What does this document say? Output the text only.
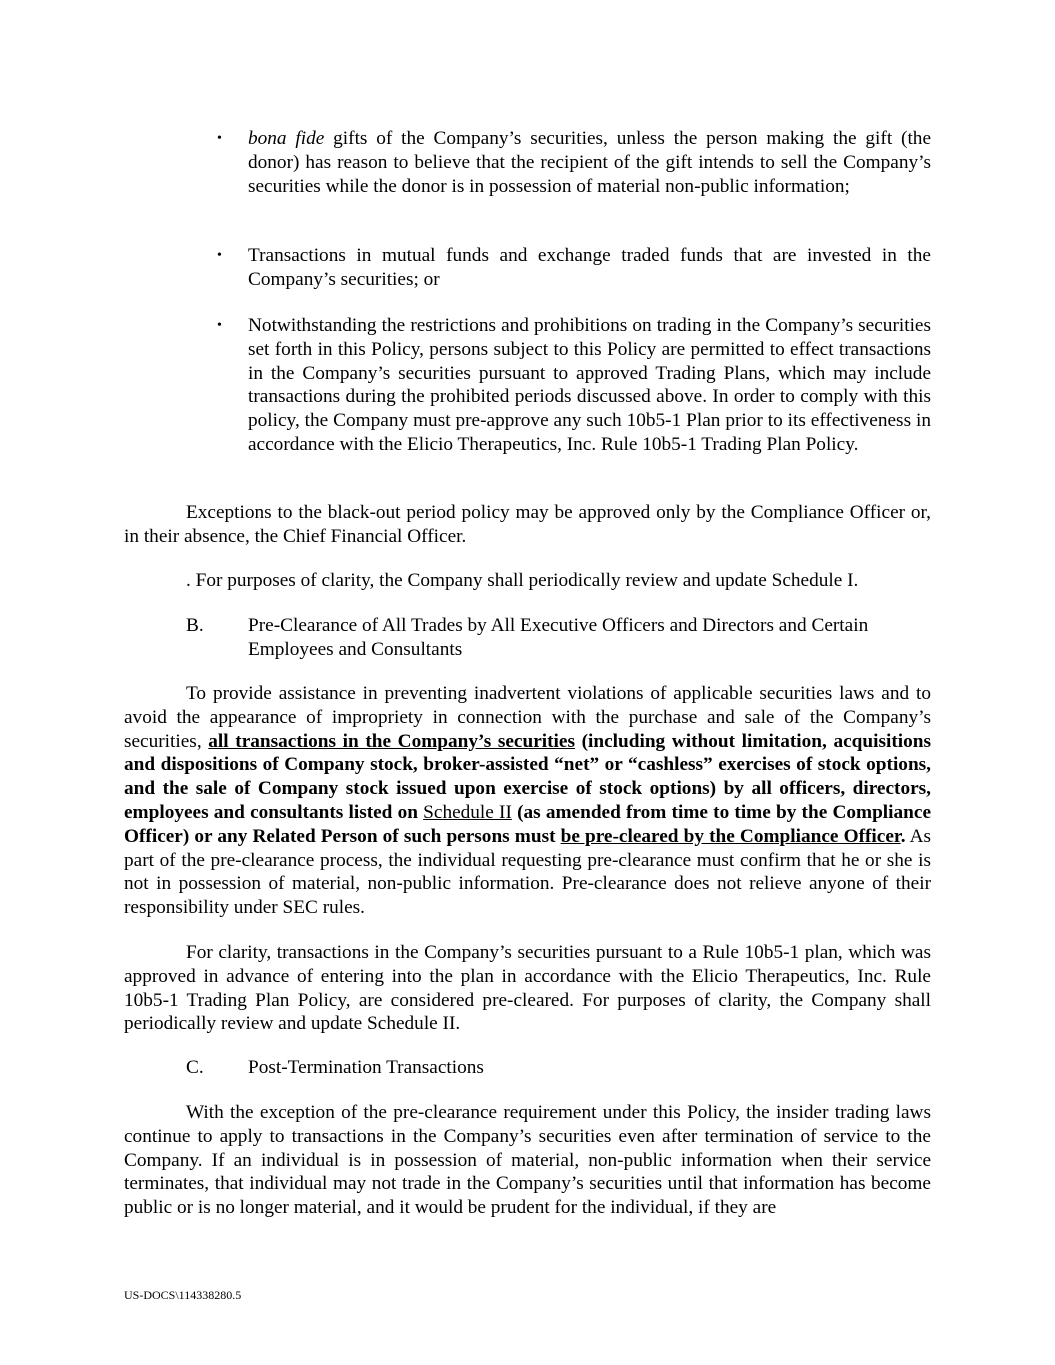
• bona fide gifts of the Company’s securities, unless the person making the gift (the donor) has reason to believe that the recipient of the gift intends to sell the Company’s securities while the donor is in possession of material non-public information;
• Transactions in mutual funds and exchange traded funds that are invested in the Company’s securities; or
• Notwithstanding the restrictions and prohibitions on trading in the Company’s securities set forth in this Policy, persons subject to this Policy are permitted to effect transactions in the Company’s securities pursuant to approved Trading Plans, which may include transactions during the prohibited periods discussed above. In order to comply with this policy, the Company must pre-approve any such 10b5-1 Plan prior to its effectiveness in accordance with the Elicio Therapeutics, Inc. Rule 10b5-1 Trading Plan Policy.
Exceptions to the black-out period policy may be approved only by the Compliance Officer or, in their absence, the Chief Financial Officer.
. For purposes of clarity, the Company shall periodically review and update Schedule I.
B. Pre-Clearance of All Trades by All Executive Officers and Directors and Certain Employees and Consultants
To provide assistance in preventing inadvertent violations of applicable securities laws and to avoid the appearance of impropriety in connection with the purchase and sale of the Company’s securities, all transactions in the Company’s securities (including without limitation, acquisitions and dispositions of Company stock, broker-assisted “net” or “cashless” exercises of stock options, and the sale of Company stock issued upon exercise of stock options) by all officers, directors, employees and consultants listed on Schedule II (as amended from time to time by the Compliance Officer) or any Related Person of such persons must be pre-cleared by the Compliance Officer. As part of the pre-clearance process, the individual requesting pre-clearance must confirm that he or she is not in possession of material, non-public information. Pre-clearance does not relieve anyone of their responsibility under SEC rules.
For clarity, transactions in the Company’s securities pursuant to a Rule 10b5-1 plan, which was approved in advance of entering into the plan in accordance with the Elicio Therapeutics, Inc. Rule 10b5-1 Trading Plan Policy, are considered pre-cleared. For purposes of clarity, the Company shall periodically review and update Schedule II.
C. Post-Termination Transactions
With the exception of the pre-clearance requirement under this Policy, the insider trading laws continue to apply to transactions in the Company’s securities even after termination of service to the Company. If an individual is in possession of material, non-public information when their service terminates, that individual may not trade in the Company’s securities until that information has become public or is no longer material, and it would be prudent for the individual, if they are
US-DOCS\114338280.5
